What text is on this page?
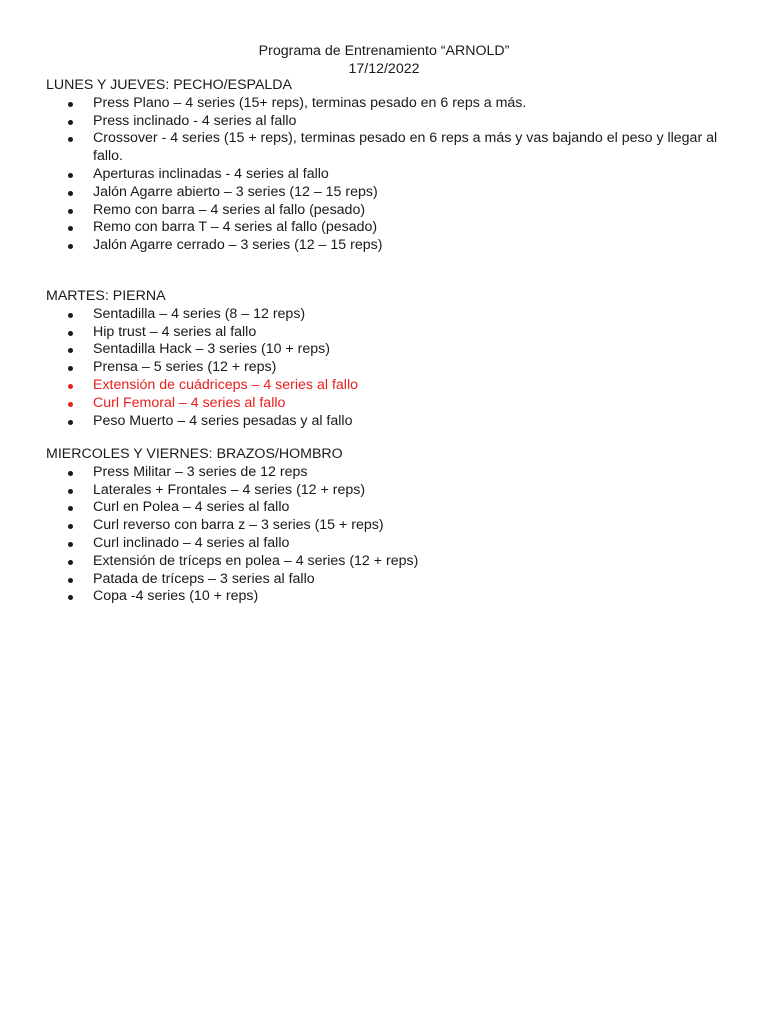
Programa de Entrenamiento “ARNOLD”
17/12/2022
LUNES Y JUEVES: PECHO/ESPALDA
Press Plano – 4 series (15+ reps), terminas pesado en 6 reps a más.
Press inclinado - 4 series al fallo
Crossover - 4 series (15 + reps), terminas pesado en 6 reps a más y vas bajando el peso y llegar al fallo.
Aperturas inclinadas - 4 series al fallo
Jalón Agarre abierto – 3 series (12 – 15 reps)
Remo con barra – 4 series al fallo (pesado)
Remo con barra T – 4 series al fallo (pesado)
Jalón Agarre cerrado – 3 series (12 – 15 reps)
MARTES: PIERNA
Sentadilla – 4 series (8 – 12 reps)
Hip trust – 4 series al fallo
Sentadilla Hack – 3 series (10 + reps)
Prensa – 5 series (12 + reps)
Extensión de cuádriceps – 4 series al fallo
Curl Femoral – 4 series al fallo
Peso Muerto – 4 series pesadas y al fallo
MIERCOLES Y VIERNES: BRAZOS/HOMBRO
Press Militar – 3 series de 12 reps
Laterales + Frontales – 4 series (12 + reps)
Curl en Polea – 4 series al fallo
Curl reverso con barra z – 3 series (15 + reps)
Curl inclinado – 4 series al fallo
Extensión de tríceps en polea – 4 series (12 + reps)
Patada de tríceps – 3 series al fallo
Copa -4 series (10 + reps)
